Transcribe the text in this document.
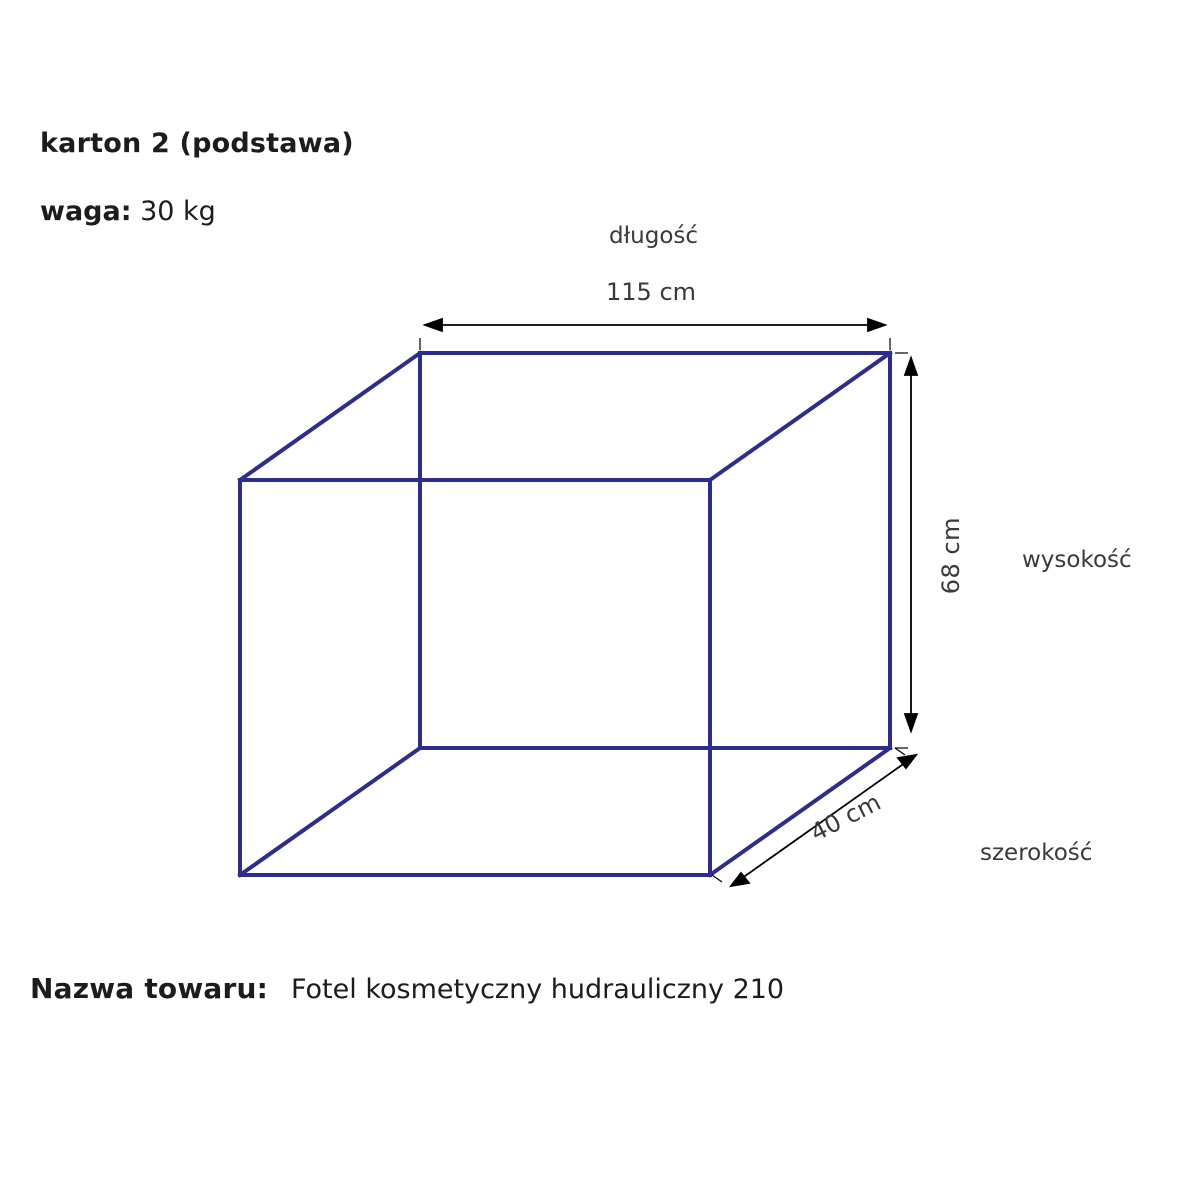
karton 2 (podstawa)
waga: 30 kg
długość
115 cm
68 cm wysokość
40 cm
szerokość
Nazwa towaru: Fotel kosmetyczny hudrauliczny 210
